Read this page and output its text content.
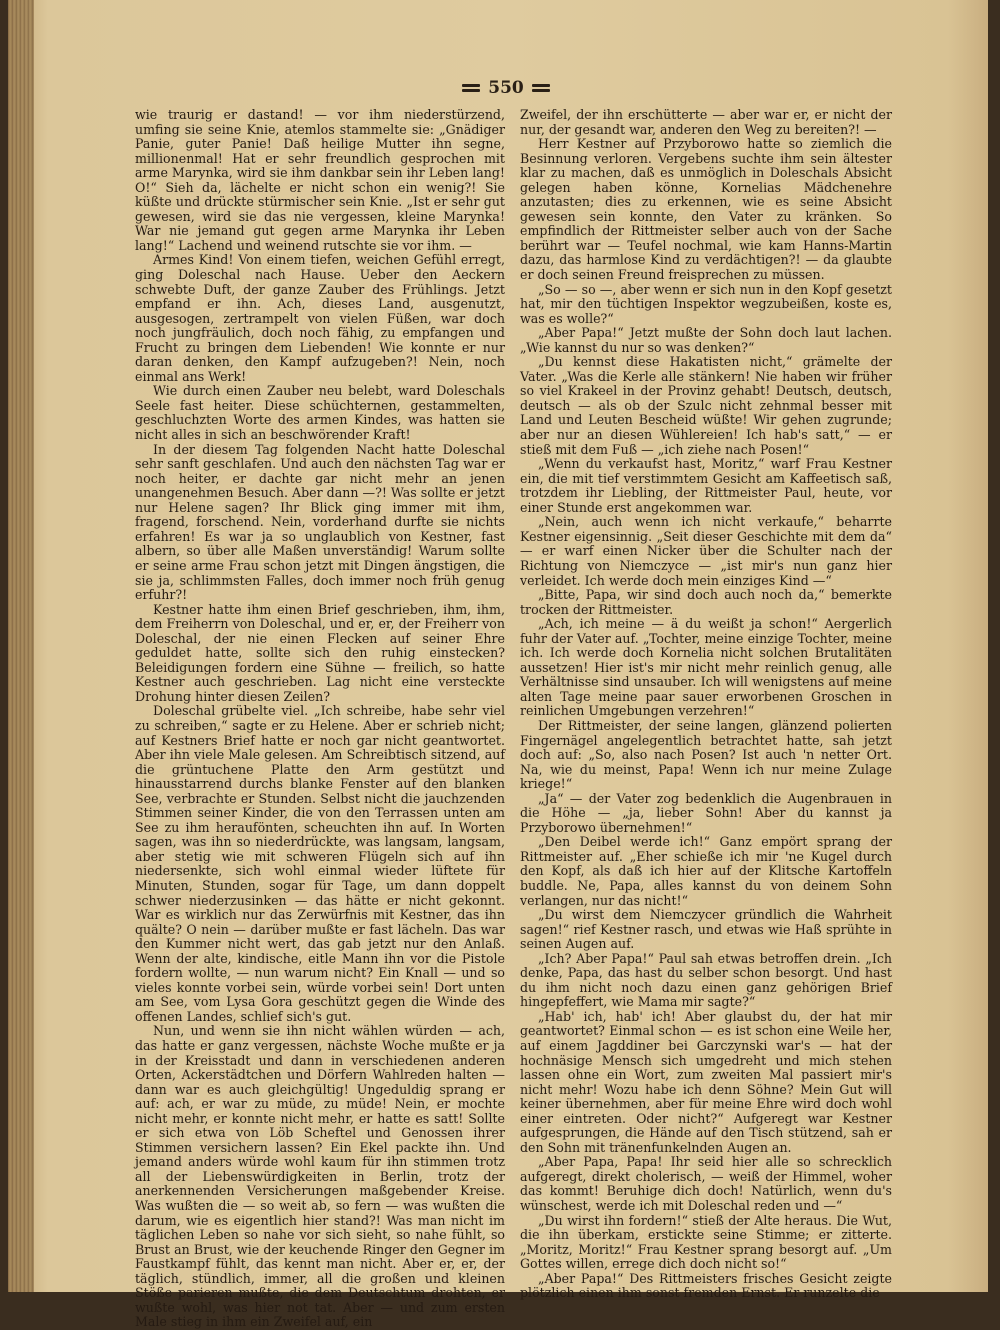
550

wie traurig er dastand! — vor ihm niederstürzend, umfing sie seine Knie, atemlos stammelte sie: „Gnädiger Panie, guter Panie! Daß heilige Mutter ihn segne, millionenmal! Hat er sehr freundlich gesprochen mit arme Marynka, wird sie ihm dankbar sein ihr Leben lang! O!“ Sieh da, lächelte er nicht schon ein wenig?! Sie küßte und drückte stürmischer sein Knie. „Ist er sehr gut gewesen, wird sie das nie vergessen, kleine Marynka! War nie jemand gut gegen arme Marynka ihr Leben lang!“ Lachend und weinend rutschte sie vor ihm. —

Armes Kind! Von einem tiefen, weichen Gefühl erregt, ging Doleschal nach Hause. Ueber den Aeckern schwebte Duft, der ganze Zauber des Frühlings. Jetzt empfand er ihn. Ach, dieses Land, ausgenutzt, ausgesogen, zertrampelt von vielen Füßen, war doch noch jungfräulich, doch noch fähig, zu empfangen und Frucht zu bringen dem Liebenden! Wie konnte er nur daran denken, den Kampf aufzugeben?! Nein, noch einmal ans Werk!

Wie durch einen Zauber neu belebt, ward Doleschals Seele fast heiter. Diese schüchternen, gestammelten, geschluchzten Worte des armen Kindes, was hatten sie nicht alles in sich an beschwörender Kraft!

In der diesem Tag folgenden Nacht hatte Doleschal sehr sanft geschlafen. Und auch den nächsten Tag war er noch heiter, er dachte gar nicht mehr an jenen unangenehmen Besuch. Aber dann —?! Was sollte er jetzt nur Helene sagen? Ihr Blick ging immer mit ihm, fragend, forschend. Nein, vorderhand durfte sie nichts erfahren! Es war ja so unglaublich von Kestner, fast albern, so über alle Maßen unverständig! Warum sollte er seine arme Frau schon jetzt mit Dingen ängstigen, die sie ja, schlimmsten Falles, doch immer noch früh genug erfuhr?!

Kestner hatte ihm einen Brief geschrieben, ihm, ihm, dem Freiherrn von Doleschal, und er, er, der Freiherr von Doleschal, der nie einen Flecken auf seiner Ehre geduldet hatte, sollte sich den ruhig einstecken? Beleidigungen fordern eine Sühne — freilich, so hatte Kestner auch geschrieben. Lag nicht eine versteckte Drohung hinter diesen Zeilen?

Doleschal grübelte viel. „Ich schreibe, habe sehr viel zu schreiben,“ sagte er zu Helene. Aber er schrieb nicht; auf Kestners Brief hatte er noch gar nicht geantwortet. Aber ihn viele Male gelesen. Am Schreibtisch sitzend, auf die grüntuchene Platte den Arm gestützt und hinausstarrend durchs blanke Fenster auf den blanken See, verbrachte er Stunden. Selbst nicht die jauchzenden Stimmen seiner Kinder, die von den Terrassen unten am See zu ihm heraufönten, scheuchten ihn auf. In Worten sagen, was ihn so niederdrückte, was langsam, langsam, aber stetig wie mit schweren Flügeln sich auf ihn niedersenkte, sich wohl einmal wieder lüftete für Minuten, Stunden, sogar für Tage, um dann doppelt schwer niederzusinken — das hätte er nicht gekonnt. War es wirklich nur das Zerwürfnis mit Kestner, das ihn quälte? O nein — darüber mußte er fast lächeln. Das war den Kummer nicht wert, das gab jetzt nur den Anlaß. Wenn der alte, kindische, eitle Mann ihn vor die Pistole fordern wollte, — nun warum nicht? Ein Knall — und so vieles konnte vorbei sein, würde vorbei sein! Dort unten am See, vom Lysa Gora geschützt gegen die Winde des offenen Landes, schlief sich's gut.

Nun, und wenn sie ihn nicht wählen würden — ach, das hatte er ganz vergessen, nächste Woche mußte er ja in der Kreisstadt und dann in verschiedenen anderen Orten, Ackerstädtchen und Dörfern Wahlreden halten — dann war es auch gleichgültig! Ungeduldig sprang er auf: ach, er war zu müde, zu müde! Nein, er mochte nicht mehr, er konnte nicht mehr, er hatte es satt! Sollte er sich etwa von Löb Scheftel und Genossen ihrer Stimmen versichern lassen? Ein Ekel packte ihn. Und jemand anders würde wohl kaum für ihn stimmen trotz all der Liebenswürdigkeiten in Berlin, trotz der anerkennenden Versicherungen maßgebender Kreise. Was wußten die — so weit ab, so fern — was wußten die darum, wie es eigentlich hier stand?! Was man nicht im täglichen Leben so nahe vor sich sieht, so nahe fühlt, so Brust an Brust, wie der keuchende Ringer den Gegner im Faustkampf fühlt, das kennt man nicht. Aber er, er, der täglich, stündlich, immer, all die großen und kleinen Stöße parieren mußte, die dem Deutschtum drohten, er wußte wohl, was hier not tat. Aber — und zum ersten Male stieg in ihm ein Zweifel auf, ein

Zweifel, der ihn erschütterte — aber war er, er nicht der nur, der gesandt war, anderen den Weg zu bereiten?! —

Herr Kestner auf Przyborowo hatte so ziemlich die Besinnung verloren. Vergebens suchte ihm sein ältester klar zu machen, daß es unmöglich in Doleschals Absicht gelegen haben könne, Kornelias Mädchenehre anzutasten; dies zu erkennen, wie es seine Absicht gewesen sein konnte, den Vater zu kränken. So empfindlich der Rittmeister selber auch von der Sache berührt war — Teufel nochmal, wie kam Hanns-Martin dazu, das harmlose Kind zu verdächtigen?! — da glaubte er doch seinen Freund freisprechen zu müssen.

„So — so —, aber wenn er sich nun in den Kopf gesetzt hat, mir den tüchtigen Inspektor wegzubeißen, koste es, was es wolle?“

„Aber Papa!“ Jetzt mußte der Sohn doch laut lachen. „Wie kannst du nur so was denken?“

„Du kennst diese Hakatisten nicht,“ grämelte der Vater. „Was die Kerle alle stänkern! Nie haben wir früher so viel Krakeel in der Provinz gehabt! Deutsch, deutsch, deutsch — als ob der Szulc nicht zehnmal besser mit Land und Leuten Bescheid wüßte! Wir gehen zugrunde; aber nur an diesen Wühlereien! Ich hab's satt,“ — er stieß mit dem Fuß — „ich ziehe nach Posen!“

„Wenn du verkaufst hast, Moritz,“ warf Frau Kestner ein, die mit tief verstimmtem Gesicht am Kaffeetisch saß, trotzdem ihr Liebling, der Rittmeister Paul, heute, vor einer Stunde erst angekommen war.

„Nein, auch wenn ich nicht verkaufe,“ beharrte Kestner eigensinnig. „Seit dieser Geschichte mit dem da“ — er warf einen Nicker über die Schulter nach der Richtung von Niemczyce — „ist mir's nun ganz hier verleidet. Ich werde doch mein einziges Kind —“

„Bitte, Papa, wir sind doch auch noch da,“ bemerkte trocken der Rittmeister.

„Ach, ich meine — ä du weißt ja schon!“ Aergerlich fuhr der Vater auf. „Tochter, meine einzige Tochter, meine ich. Ich werde doch Kornelia nicht solchen Brutalitäten aussetzen! Hier ist's mir nicht mehr reinlich genug, alle Verhältnisse sind unsauber. Ich will wenigstens auf meine alten Tage meine paar sauer erworbenen Groschen in reinlichen Umgebungen verzehren!“

Der Rittmeister, der seine langen, glänzend polierten Fingernägel angelegentlich betrachtet hatte, sah jetzt doch auf: „So, also nach Posen? Ist auch 'n netter Ort. Na, wie du meinst, Papa! Wenn ich nur meine Zulage kriege!“

„Ja“ — der Vater zog bedenklich die Augenbrauen in die Höhe — „ja, lieber Sohn! Aber du kannst ja Przyborowo übernehmen!“

„Den Deibel werde ich!“ Ganz empört sprang der Rittmeister auf. „Eher schieße ich mir 'ne Kugel durch den Kopf, als daß ich hier auf der Klitsche Kartoffeln buddle. Ne, Papa, alles kannst du von deinem Sohn verlangen, nur das nicht!“

„Du wirst dem Niemczycer gründlich die Wahrheit sagen!“ rief Kestner rasch, und etwas wie Haß sprühte in seinen Augen auf.

„Ich? Aber Papa!“ Paul sah etwas betroffen drein. „Ich denke, Papa, das hast du selber schon besorgt. Und hast du ihm nicht noch dazu einen ganz gehörigen Brief hingepfeffert, wie Mama mir sagte?“

„Hab' ich, hab' ich! Aber glaubst du, der hat mir geantwortet? Einmal schon — es ist schon eine Weile her, auf einem Jagddiner bei Garczynski war's — hat der hochnäsige Mensch sich umgedreht und mich stehen lassen ohne ein Wort, zum zweiten Mal passiert mir's nicht mehr! Wozu habe ich denn Söhne? Mein Gut will keiner übernehmen, aber für meine Ehre wird doch wohl einer eintreten. Oder nicht?“ Aufgeregt war Kestner aufgesprungen, die Hände auf den Tisch stützend, sah er den Sohn mit tränenfunkelnden Augen an.

„Aber Papa, Papa! Ihr seid hier alle so schrecklich aufgeregt, direkt cholerisch, — weiß der Himmel, woher das kommt! Beruhige dich doch! Natürlich, wenn du's wünschest, werde ich mit Doleschal reden und —“

„Du wirst ihn fordern!“ stieß der Alte heraus. Die Wut, die ihn überkam, erstickte seine Stimme; er zitterte. „Moritz, Moritz!“ Frau Kestner sprang besorgt auf. „Um Gottes willen, errege dich doch nicht so!“

„Aber Papa!“ Des Rittmeisters frisches Gesicht zeigte plötzlich einen ihm sonst fremden Ernst. Er runzelte die
